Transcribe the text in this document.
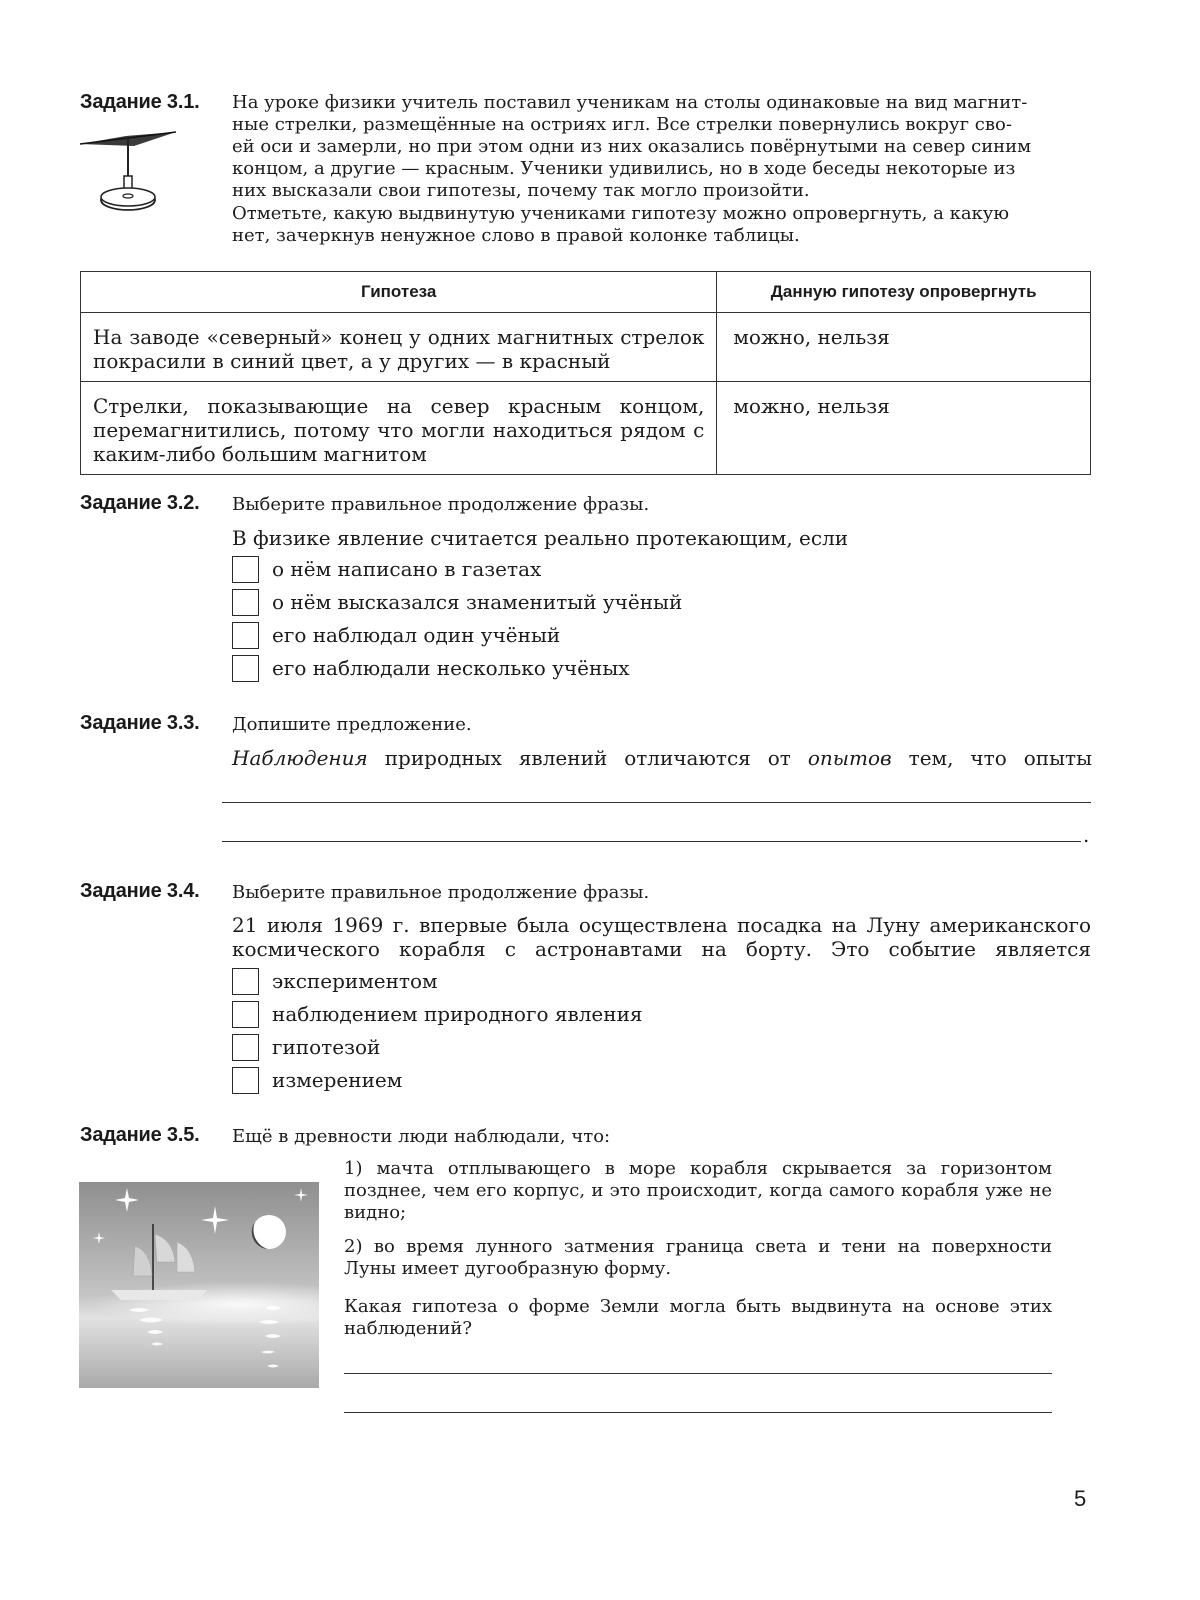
Задание 3.1. На уроке физики учитель поставил ученикам на столы одинаковые на вид магнит-
ные стрелки, размещённые на остриях игл. Все стрелки повернулись вокруг сво-
ей оси и замерли, но при этом одни из них оказались повёрнутыми на север синим
концом, а другие — красным. Ученики удивились, но в ходе беседы некоторые из
них высказали свои гипотезы, почему так могло произойти.
Отметьте, какую выдвинутую учениками гипотезу можно опровергнуть, а какую
нет, зачеркнув ненужное слово в правой колонке таблицы.
Гипотеза	Данную гипотезу опровергнуть
На заводе «северный» конец у одних магнитных стрелок покрасили в синий цвет, а у других — в красный	можно, нельзя
Стрелки, показывающие на север красным концом, перемагнитились, потому что могли находиться рядом с каким-либо большим магнитом	можно, нельзя
Задание 3.2. Выберите правильное продолжение фразы.
В физике явление считается реально протекающим, если
о нём написано в газетах
о нём высказался знаменитый учёный
его наблюдал один учёный
его наблюдали несколько учёных
Задание 3.3. Допишите предложение.
Наблюдения природных явлений отличаются от опытов тем, что опыты
.
Задание 3.4. Выберите правильное продолжение фразы.
21 июля 1969 г. впервые была осуществлена посадка на Луну американского космического корабля с астронавтами на борту. Это событие является
экспериментом
наблюдением природного явления
гипотезой
измерением
Задание 3.5. Ещё в древности люди наблюдали, что:
1) мачта отплывающего в море корабля скрывается за горизонтом позднее, чем его корпус, и это происходит, когда самого корабля уже не видно;
2) во время лунного затмения граница света и тени на поверхности Луны имеет дугообразную форму.
Какая гипотеза о форме Земли могла быть выдвинута на основе этих наблюдений?
5
